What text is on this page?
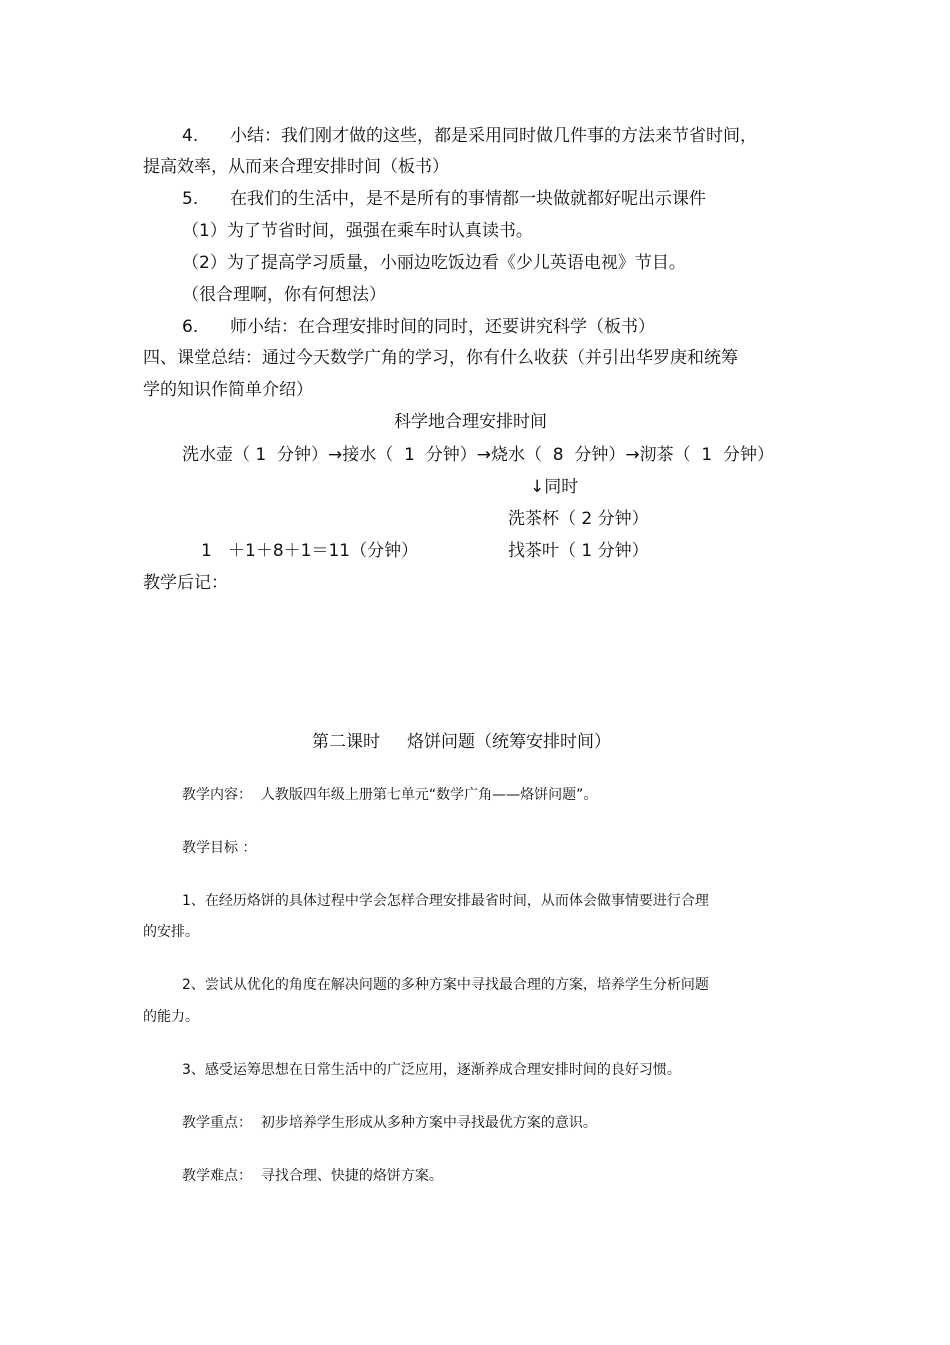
4. 小结：我们刚才做的这些，都是采用同时做几件事的方法来节省时间，
提高效率，从而来合理安排时间（板书）
5. 在我们的生活中，是不是所有的事情都一块做就都好呢出示课件
（1）为了节省时间，强强在乘车时认真读书。
（2）为了提高学习质量，小丽边吃饭边看《少儿英语电视》节目。
（很合理啊，你有何想法）
6. 师小结：在合理安排时间的同时，还要讲究科学（板书）
四、课堂总结：通过今天数学广角的学习，你有什么收获（并引出华罗庚和统筹
学的知识作简单介绍）
科学地合理安排时间
洗水壶（ 1  分钟）→接水（  1  分钟）→烧水（  8  分钟）→沏茶（  1  分钟）
↓同时
洗茶杯（ 2 分钟）
1   ＋1＋8＋1＝11（分钟）	找茶叶（ 1 分钟）
教学后记：
第二课时     烙饼问题（统筹安排时间）
教学内容：  人教版四年级上册第七单元“数学广角——烙饼问题”。
教学目标 ：
1、在经历烙饼的具体过程中学会怎样合理安排最省时间，从而体会做事情要进行合理
的安排。
2、尝试从优化的角度在解决问题的多种方案中寻找最合理的方案，培养学生分析问题
的能力。
3、感受运筹思想在日常生活中的广泛应用，逐渐养成合理安排时间的良好习惯。
教学重点：  初步培养学生形成从多种方案中寻找最优方案的意识。
教学难点：  寻找合理、快捷的烙饼方案。
